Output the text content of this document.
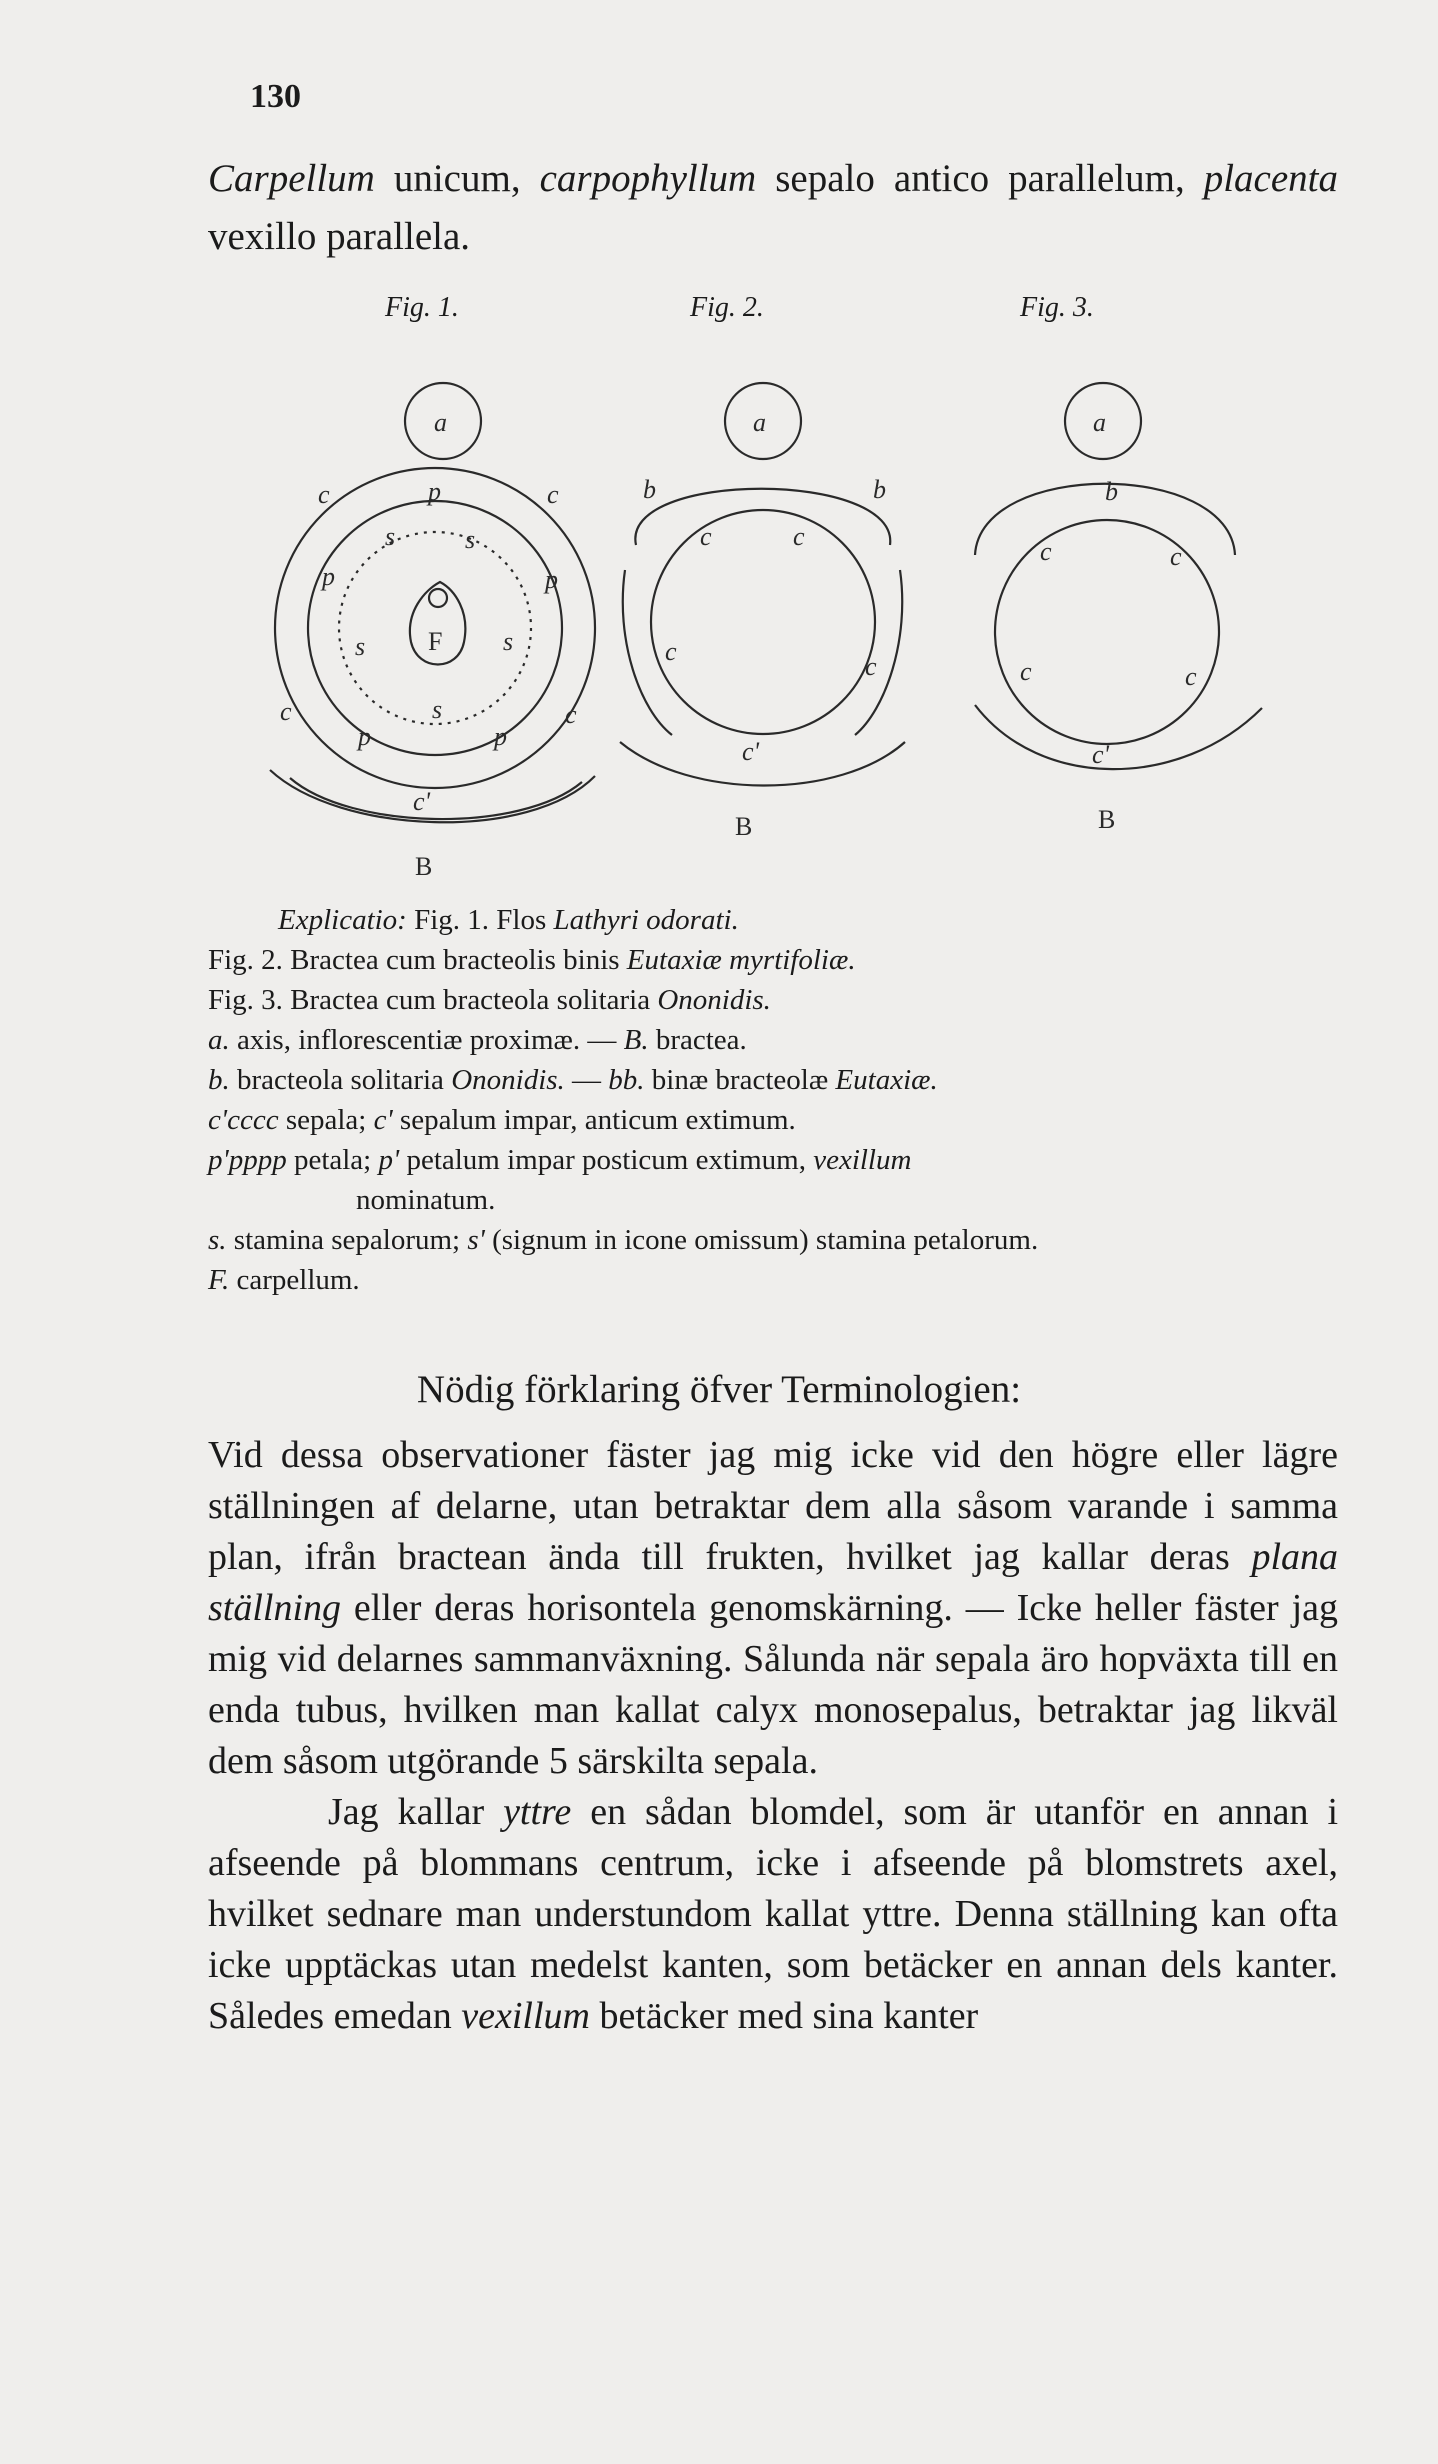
130
Carpellum unicum, carpophyllum sepalo antico parallelum, placenta vexillo parallela.
Fig. 1.	Fig. 2.	Fig. 3.
a
F
c	c
c	c
c'
p
p	p
p	p
s	s
s	s
s
B
a
b	b
c	c
c
c
c'
B
a
b
c	c
c	c
c'
B
Explicatio: Fig. 1. Flos Lathyri odorati.
Fig. 2. Bractea cum bracteolis binis Eutaxiæ myrtifoliæ.
Fig. 3. Bractea cum bracteola solitaria Ononidis.
a. axis, inflorescentiæ proximæ. — B. bractea.
b. bracteola solitaria Ononidis. — bb. binæ bracteolæ Eutaxiæ.
c'cccc sepala; c' sepalum impar, anticum extimum.
p'pppp petala; p' petalum impar posticum extimum, vexillum
nominatum.
s. stamina sepalorum; s' (signum in icone omissum) stamina petalorum.
F. carpellum.
Nödig förklaring öfver Terminologien:

Vid dessa observationer fäster jag mig icke vid den högre eller lägre ställningen af delarne, utan betraktar dem alla såsom varande i samma plan, ifrån bractean ända till frukten, hvilket jag kallar deras plana ställning eller deras horisontela genomskärning. — Icke heller fäster jag mig vid delarnes sammanväxning. Sålunda när sepala äro hopväxta till en enda tubus, hvilken man kallat calyx monosepalus, betraktar jag likväl dem såsom utgörande 5 särskilta sepala.

Jag kallar yttre en sådan blomdel, som är utanför en annan i afseende på blommans centrum, icke i afseende på blomstrets axel, hvilket sednare man understundom kallat yttre. Denna ställning kan ofta icke upptäckas utan medelst kanten, som betäcker en annan dels kanter. Således emedan vexillum betäcker med sina kanter
